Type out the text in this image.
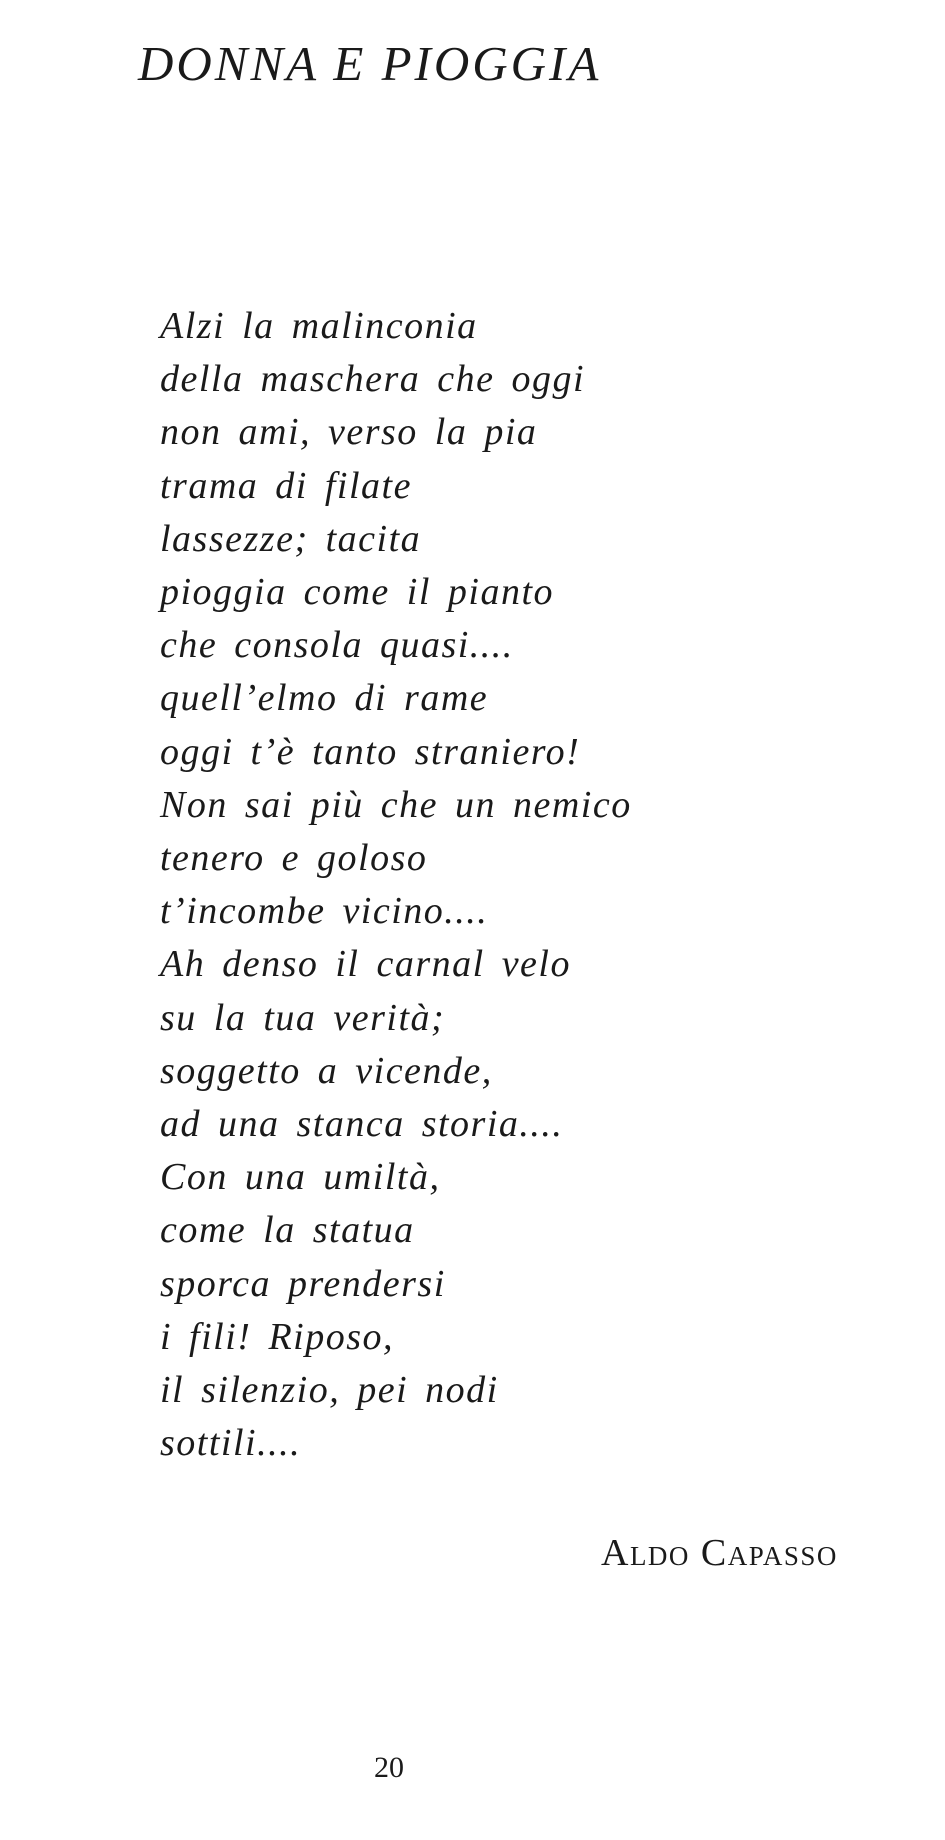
DONNA E PIOGGIA
Alzi la malinconia
della maschera che oggi
non ami, verso la pia
trama di filate
lassezze; tacita
pioggia come il pianto
che consola quasi....
quell’elmo di rame
oggi t’è tanto straniero!
Non sai più che un nemico
tenero e goloso
t’incombe vicino....
Ah denso il carnal velo
su la tua verità;
soggetto a vicende,
ad una stanca storia....
Con una umiltà,
come la statua
sporca prendersi
i fili! Riposo,
il silenzio, pei nodi
sottili....

Aldo Capasso

20
